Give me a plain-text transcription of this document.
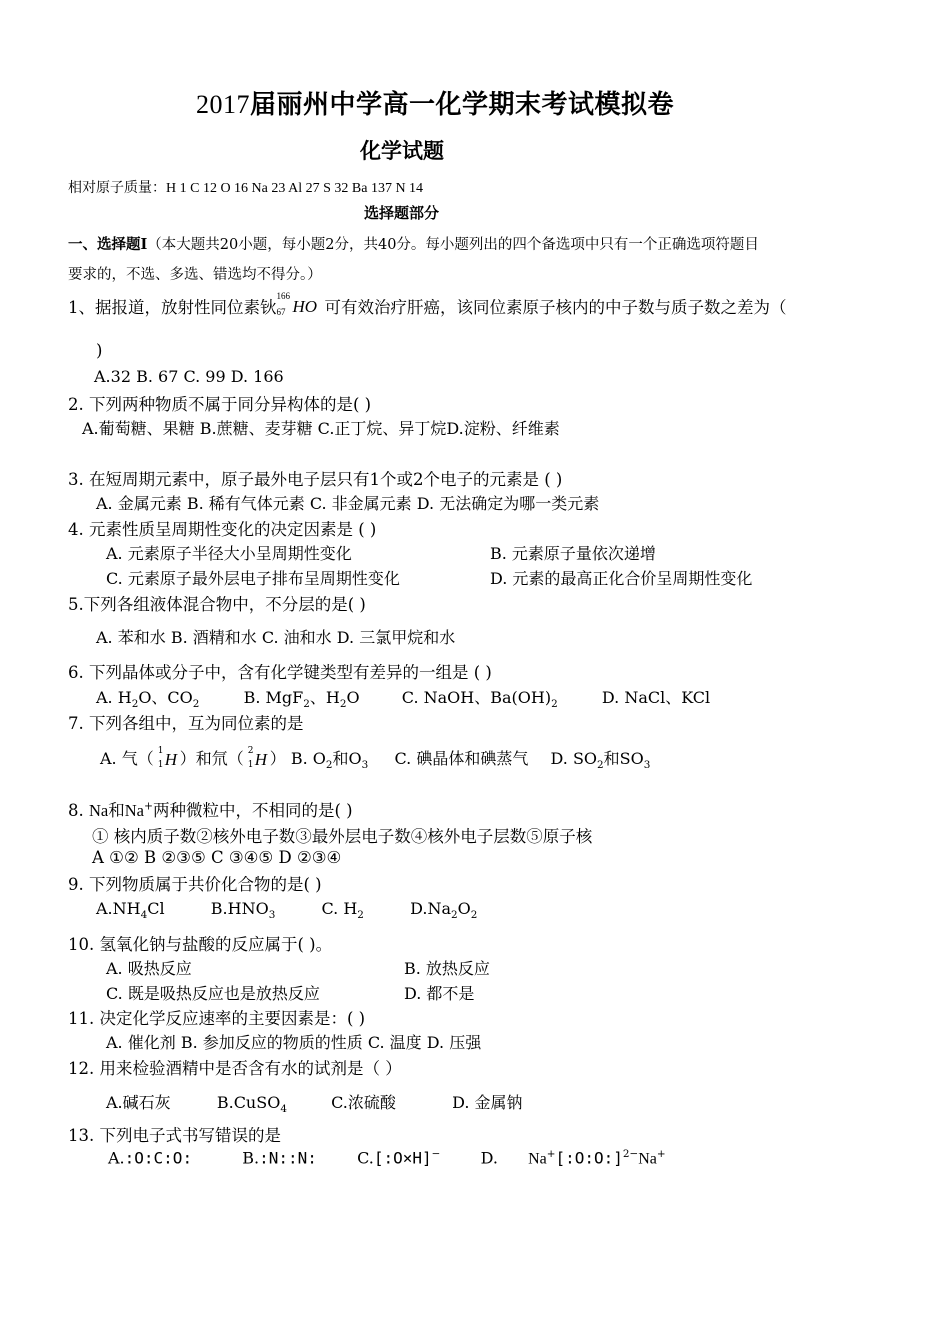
2017届丽州中学高一化学期末考试模拟卷
化学试题
相对原子质量：H 1 C 12 O 16 Na 23 Al 27 S 32 Ba 137 N 14
选择题部分
一、选择题Ⅰ（本大题共20小题，每小题2分，共40分。每小题列出的四个备选项中只有一个正确选项符题目
要求的，不选、多选、错选均不得分。）
1、据报道，放射性同位素钬
166
67 HO 可有效治疗肝癌，该同位素原子核内的中子数与质子数之差为（
)
A.32 B. 67 C. 99 D. 166
2. 下列两种物质不属于同分异构体的是( )
A.葡萄糖、果糖 B.蔗糖、麦芽糖 C.正丁烷、异丁烷D.淀粉、纤维素
3. 在短周期元素中，原子最外电子层只有1个或2个电子的元素是 ( )
A. 金属元素 B. 稀有气体元素 C. 非金属元素 D. 无法确定为哪一类元素
4. 元素性质呈周期性变化的决定因素是 ( )
A. 元素原子半径大小呈周期性变化	B. 元素原子量依次递增
C. 元素原子最外层电子排布呈周期性变化	D. 元素的最高正化合价呈周期性变化
5.下列各组液体混合物中，不分层的是( )
A. 苯和水 B. 酒精和水 C. 油和水 D. 三氯甲烷和水
6. 下列晶体或分子中，含有化学键类型有差异的一组是 ( )
A. $H_2O$、$CO_2$	B. MgF$_2$、$H_2O$	C. NaOH、$Ba(OH)_2$	D. NaCl、KCl
7. 下列各组中，互为同位素的是
A. 气（ 1
1 H ）和氘（ 2
1 H ） B. $O_2$和$O_3$ C. 碘晶体和碘蒸气 D. $SO_2$和$SO_3$
8. Na和Na+两种微粒中，不相同的是( )
① 核内质子数②核外电子数③最外层电子数④核外电子层数⑤原子核
A ①② B ②③⑤ C ③④⑤ D ②③④
9. 下列物质属于共价化合物的是( )
$A.NH_4Cl$	$B.HNO_3$	C. $H_2$	$D.Na_2O_2$
10. 氢氧化钠与盐酸的反应属于( )。
A. 吸热反应	B. 放热反应
C. 既是吸热反应也是放热反应	D. 都不是
11. 决定化学反应速率的主要因素是：( )
A. 催化剂 B. 参加反应的物质的性质 C. 温度 D. 压强
12. 用来检验酒精中是否含有水的试剂是（ ）
A.碱石灰	B.CuSO$_4$	C.浓硫酸	D. 金属钠
13. 下列电子式书写错误的是
A.:O:C:O:	B.:N::N:	C.[:O×H]−	D. Na+[:O:O:]$^{2-}$Na+
